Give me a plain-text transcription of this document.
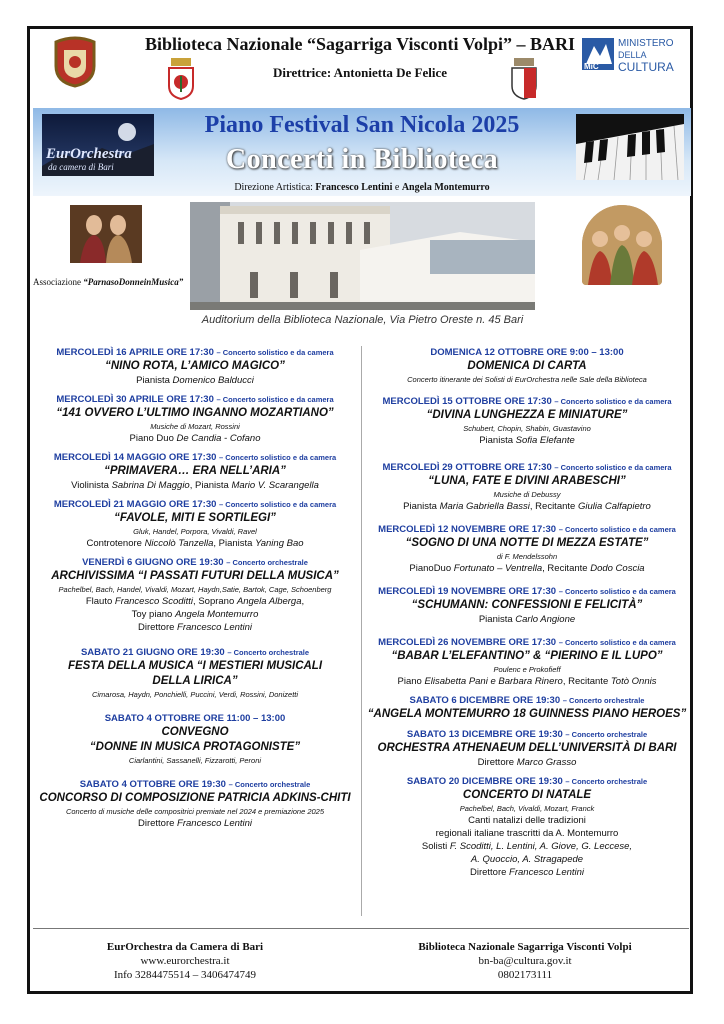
MiC
MINISTERO
DELLA
CULTURA
Biblioteca Nazionale “Sagarriga Visconti Volpi” – BARI
Direttrice: Antonietta De Felice
EurOrchestra
da camera di Bari
Piano Festival San Nicola 2025
Concerti in Biblioteca
Direzione Artistica: Francesco Lentini e Angela Montemurro
Associazione “ParnasoDonneinMusica”
Auditorium della Biblioteca Nazionale, Via Pietro Oreste n. 45 Bari
MERCOLEDÌ 16 APRILE ORE 17:30 – Concerto solistico e da camera
“NINO ROTA, L’AMICO MAGICO”
Pianista Domenico Balducci
MERCOLEDÌ 30 APRILE ORE 17:30 – Concerto solistico e da camera
“141 OVVERO L’ULTIMO INGANNO MOZARTIANO”
Musiche di Mozart, Rossini
Piano Duo De Candia - Cofano
MERCOLEDÌ 14 MAGGIO ORE 17:30 – Concerto solistico e da camera
“PRIMAVERA… ERA NELL’ARIA”
Violinista Sabrina Di Maggio, Pianista Mario V. Scarangella
MERCOLEDÌ 21 MAGGIO ORE 17:30 – Concerto solistico e da camera
“FAVOLE, MITI E SORTILEGI”
Gluk, Handel, Porpora, Vivaldi, Ravel
Controtenore Niccolò Tanzella, Pianista Yaning Bao
VENERDÌ 6 GIUGNO ORE 19:30 – Concerto orchestrale
ARCHIVISSIMA “I PASSATI FUTURI DELLA MUSICA”
Pachelbel, Bach, Handel, Vivaldi, Mozart, Haydn,Satie, Bartok, Cage, Schoenberg
Flauto Francesco Scoditti, Soprano Angela Alberga,
Toy piano Angela Montemurro
Direttore Francesco Lentini
SABATO 21 GIUGNO ORE 19:30 – Concerto orchestrale
FESTA DELLA MUSICA “I MESTIERI MUSICALI DELLA LIRICA”
Cimarosa, Haydn, Ponchielli, Puccini, Verdi, Rossini, Donizetti
SABATO 4 OTTOBRE ORE 11:00 – 13:00
CONVEGNO
“DONNE IN MUSICA PROTAGONISTE”
Ciarlantini, Sassanelli, Fizzarotti, Peroni
SABATO 4 OTTOBRE ORE 19:30 – Concerto orchestrale
CONCORSO DI COMPOSIZIONE PATRICIA ADKINS-CHITI
Concerto di musiche delle compositrici premiate nel 2024 e premiazione 2025
Direttore Francesco Lentini
DOMENICA 12 OTTOBRE ORE 9:00 – 13:00
DOMENICA DI CARTA
Concerto itinerante dei Solisti di EurOrchestra nelle Sale della Biblioteca
MERCOLEDÌ 15 OTTOBRE ORE 17:30 – Concerto solistico e da camera
“DIVINA LUNGHEZZA E MINIATURE”
Schubert, Chopin, Shabin, Guastavino
Pianista Sofia Elefante
MERCOLEDÌ 29 OTTOBRE ORE 17:30 – Concerto solistico e da camera
“LUNA, FATE E DIVINI ARABESCHI”
Musiche di Debussy
Pianista Maria Gabriella Bassi, Recitante Giulia Calfapietro
MERCOLEDÌ 12 NOVEMBRE ORE 17:30 – Concerto solistico e da camera
“SOGNO DI UNA NOTTE DI MEZZA ESTATE”
di F. Mendelssohn
PianoDuo Fortunato – Ventrella, Recitante Dodo Coscia
MERCOLEDÌ 19 NOVEMBRE ORE 17:30 – Concerto solistico e da camera
“SCHUMANN: CONFESSIONI E FELICITÀ”
Pianista Carlo Angione
MERCOLEDÌ 26 NOVEMBRE ORE 17:30 – Concerto solistico e da camera
“BABAR L’ELEFANTINO” & “PIERINO E IL LUPO”
Poulenc e Prokofieff
Piano Elisabetta Pani e Barbara Rinero, Recitante Totò Onnis
SABATO 6 DICEMBRE ORE 19:30 – Concerto orchestrale
“ANGELA MONTEMURRO 18 GUINNESS PIANO HEROES”
SABATO 13 DICEMBRE ORE 19:30 – Concerto orchestrale
ORCHESTRA ATHENAEUM DELL’UNIVERSITÀ DI BARI
Direttore Marco Grasso
SABATO 20 DICEMBRE ORE 19:30 – Concerto orchestrale
CONCERTO DI NATALE
Pachelbel, Bach, Vivaldi, Mozart, Franck
Canti natalizi delle tradizioni
regionali italiane trascritti da A. Montemurro
Solisti F. Scoditti, L. Lentini, A. Giove, G. Leccese,
A. Quoccio, A. Stragapede
Direttore Francesco Lentini
EurOrchestra da Camera di Bari
www.eurorchestra.it
Info 3284475514 – 3406474749
Biblioteca Nazionale Sagarriga Visconti Volpi
bn-ba@cultura.gov.it
0802173111
